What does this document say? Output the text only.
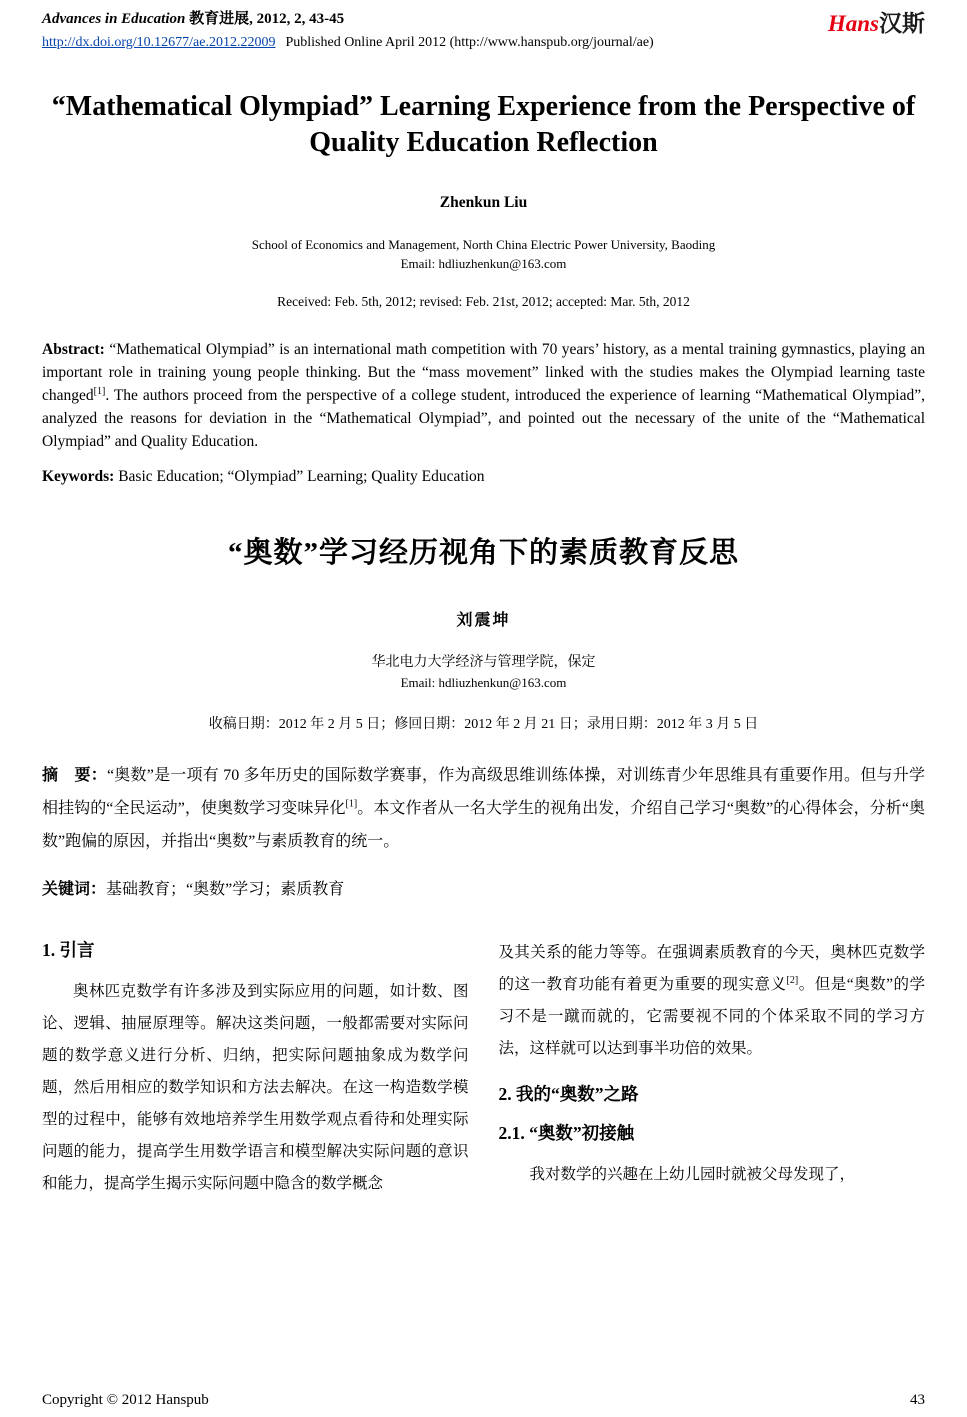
Advances in Education 教育进展, 2012, 2, 43-45
http://dx.doi.org/10.12677/ae.2012.22009 Published Online April 2012 (http://www.hanspub.org/journal/ae)
Hans汉斯
“Mathematical Olympiad” Learning Experience from the Perspective of Quality Education Reflection
Zhenkun Liu
School of Economics and Management, North China Electric Power University, Baoding
Email: hdliuzhenkun@163.com
Received: Feb. 5th, 2012; revised: Feb. 21st, 2012; accepted: Mar. 5th, 2012

Abstract: “Mathematical Olympiad” is an international math competition with 70 years’ history, as a mental training gymnastics, playing an important role in training young people thinking. But the “mass movement” linked with the studies makes the Olympiad learning taste changed[1]. The authors proceed from the perspective of a college student, introduced the experience of learning “Mathematical Olympiad”, analyzed the reasons for deviation in the “Mathematical Olympiad”, and pointed out the necessary of the unite of the “Mathematical Olympiad” and Quality Education.

Keywords: Basic Education; “Olympiad” Learning; Quality Education

“奥数”学习经历视角下的素质教育反思
刘震坤
华北电力大学经济与管理学院，保定
Email: hdliuzhenkun@163.com
收稿日期：2012 年 2 月 5 日；修回日期：2012 年 2 月 21 日；录用日期：2012 年 3 月 5 日

摘　要：“奥数”是一项有 70 多年历史的国际数学赛事，作为高级思维训练体操，对训练青少年思维具有重要作用。但与升学相挂钩的“全民运动”，使奥数学习变味异化[1]。本文作者从一名大学生的视角出发，介绍自己学习“奥数”的心得体会，分析“奥数”跑偏的原因，并指出“奥数”与素质教育的统一。

关键词：基础教育；“奥数”学习；素质教育

1. 引言

奥林匹克数学有许多涉及到实际应用的问题，如计数、图论、逻辑、抽屉原理等。解决这类问题，一般都需要对实际问题的数学意义进行分析、归纳，把实际问题抽象成为数学问题，然后用相应的数学知识和方法去解决。在这一构造数学模型的过程中，能够有效地培养学生用数学观点看待和处理实际问题的能力，提高学生用数学语言和模型解决实际问题的意识和能力，提高学生揭示实际问题中隐含的数学概念

及其关系的能力等等。在强调素质教育的今天，奥林匹克数学的这一教育功能有着更为重要的现实意义[2]。但是“奥数”的学习不是一蹴而就的，它需要视不同的个体采取不同的学习方法，这样就可以达到事半功倍的效果。

2. 我的“奥数”之路
2.1. “奥数”初接触

我对数学的兴趣在上幼儿园时就被父母发现了，

Copyright © 2012 Hanspub	43
